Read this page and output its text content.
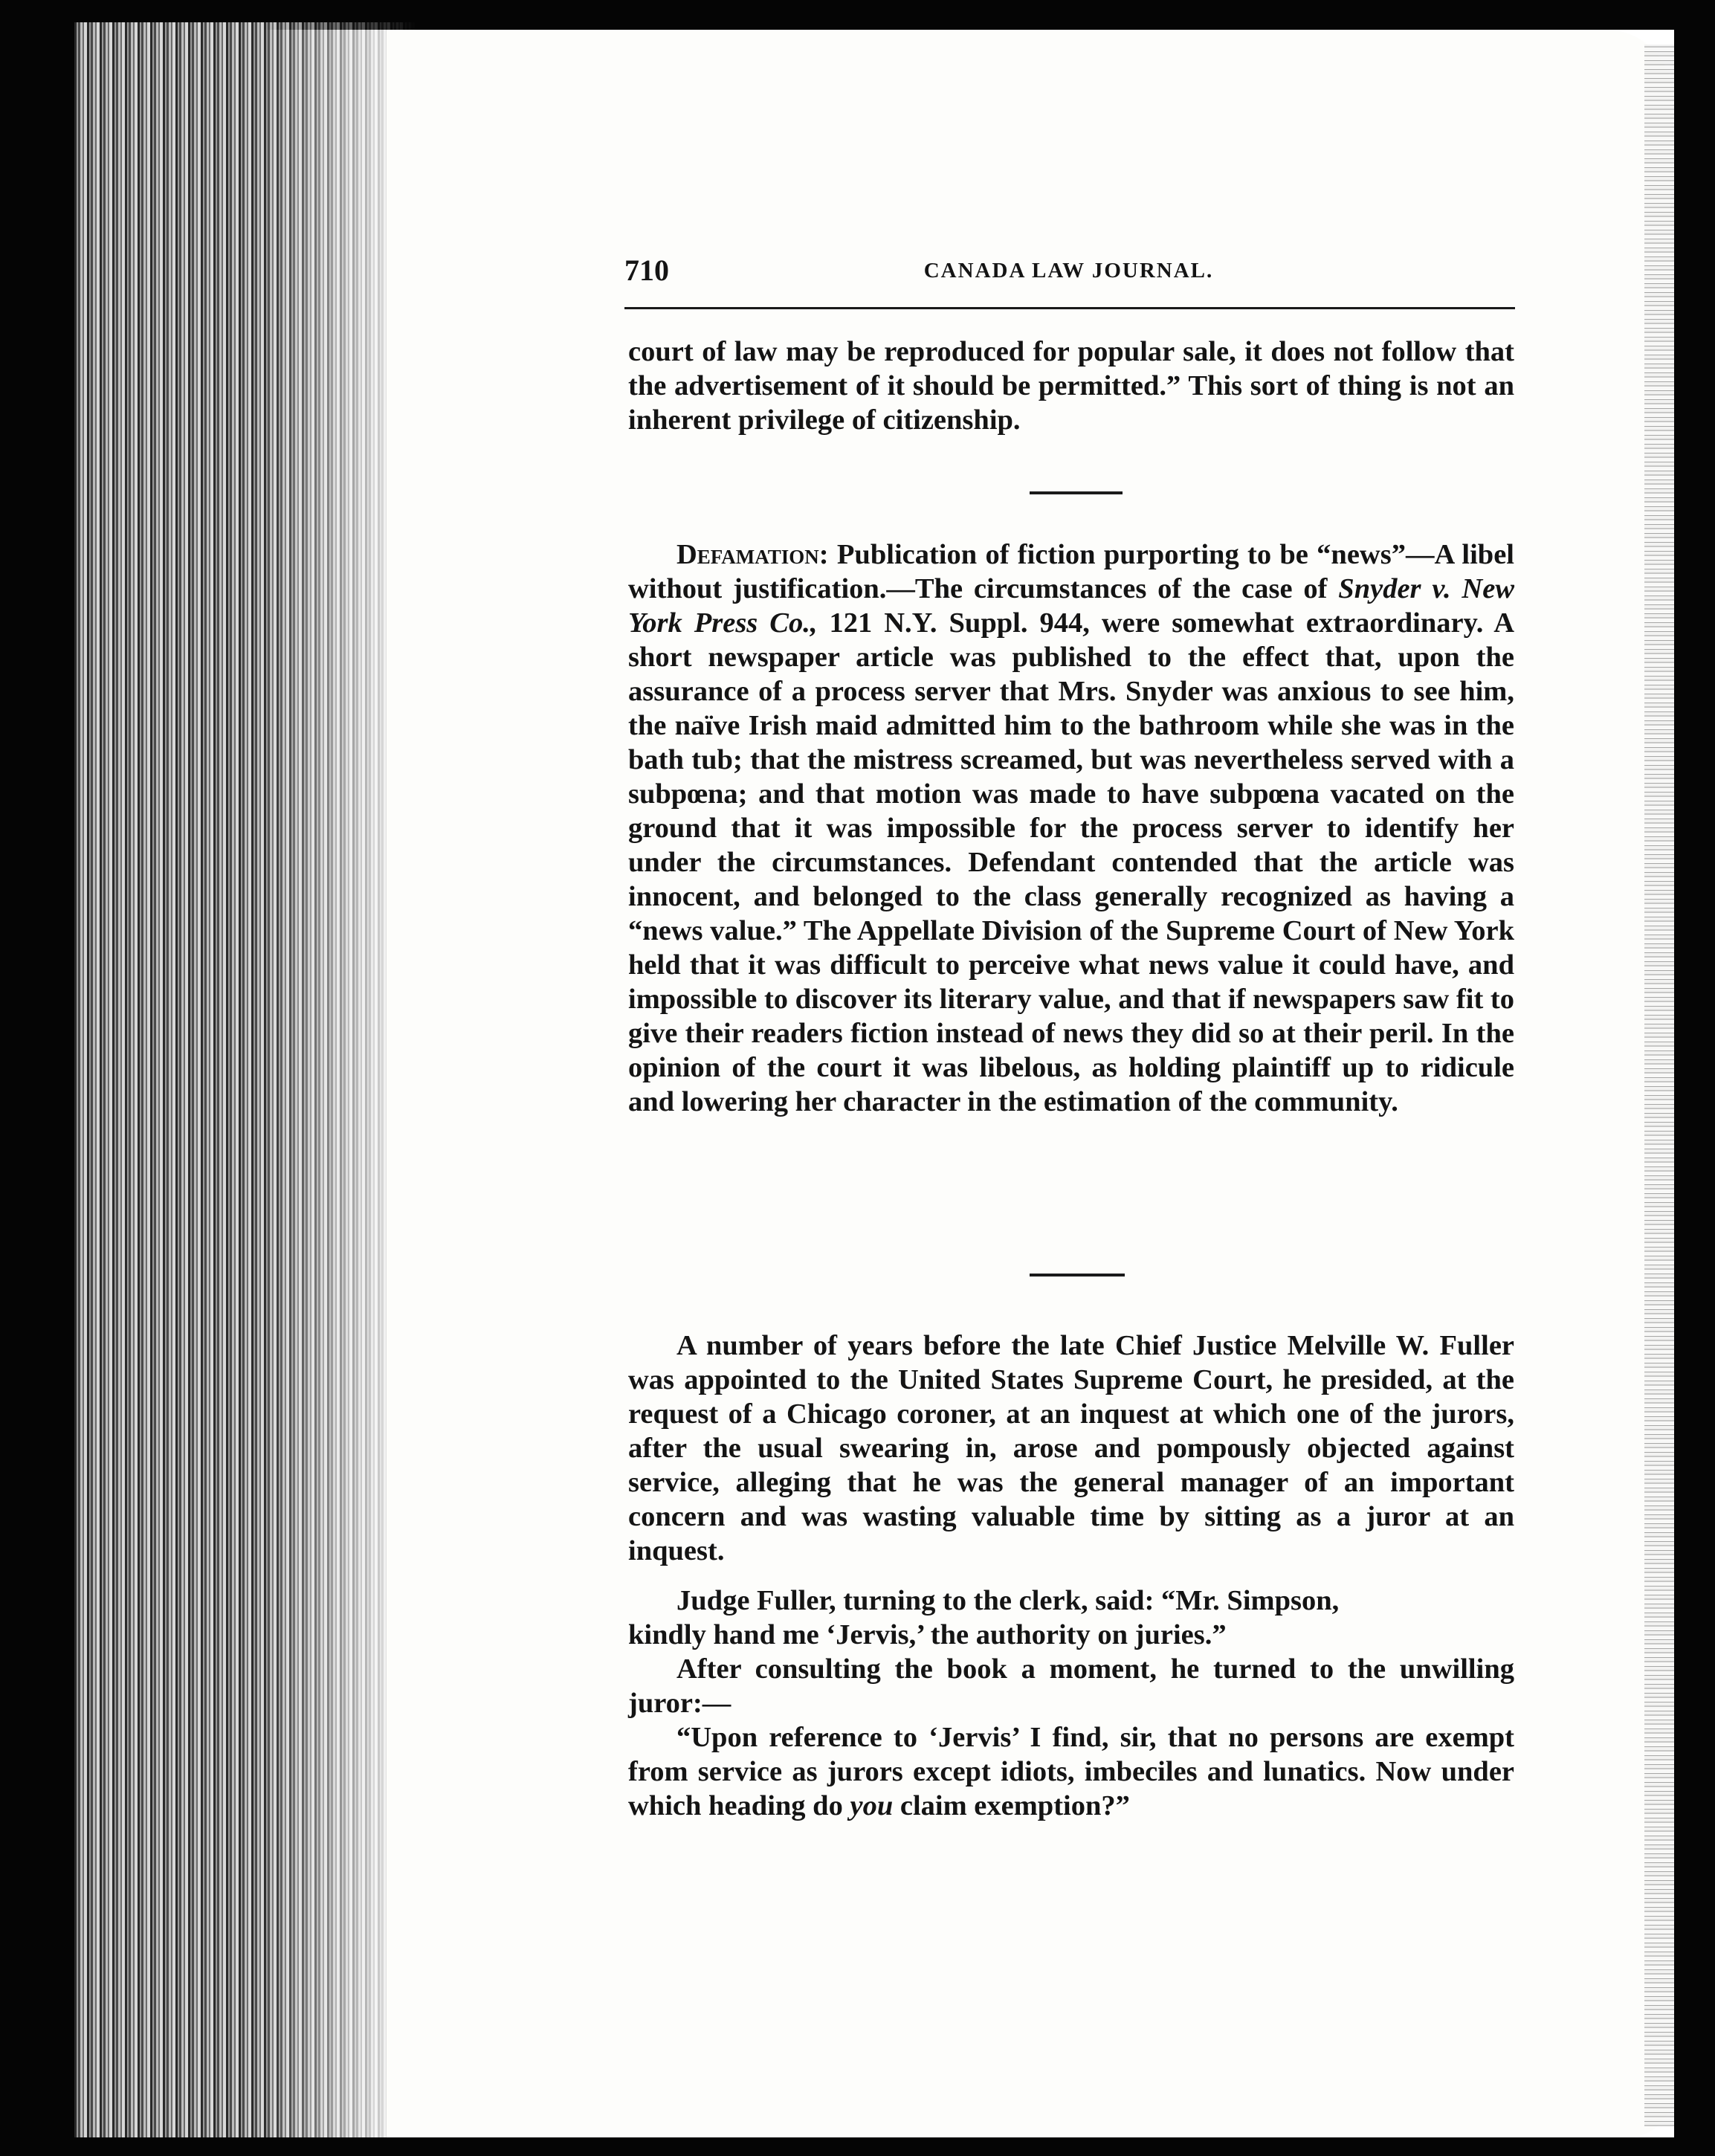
710	CANADA LAW JOURNAL.

court of law may be reproduced for popular sale, it does not follow that the advertisement of it should be permitted.” This sort of thing is not an inherent privilege of citizenship.

Defamation: Publication of fiction purporting to be “news”—A libel without justification.—The circumstances of the case of Snyder v. New York Press Co., 121 N.Y. Suppl. 944, were somewhat extraordinary. A short newspaper article was published to the effect that, upon the assurance of a process server that Mrs. Snyder was anxious to see him, the naïve Irish maid admitted him to the bathroom while she was in the bath tub; that the mistress screamed, but was nevertheless served with a subpœna; and that motion was made to have subpœna vacated on the ground that it was impossible for the process server to identify her under the circumstances. Defendant contended that the article was innocent, and belonged to the class generally recognized as having a “news value.” The Appellate Division of the Supreme Court of New York held that it was difficult to perceive what news value it could have, and impossible to discover its literary value, and that if newspapers saw fit to give their readers fiction instead of news they did so at their peril. In the opinion of the court it was libelous, as holding plaintiff up to ridicule and lowering her character in the estimation of the community.

A number of years before the late Chief Justice Melville W. Fuller was appointed to the United States Supreme Court, he presided, at the request of a Chicago coroner, at an inquest at which one of the jurors, after the usual swearing in, arose and pompously objected against service, alleging that he was the general manager of an important concern and was wasting valuable time by sitting as a juror at an inquest.

Judge Fuller, turning to the clerk, said: “Mr. Simpson,

kindly hand me ‘Jervis,’ the authority on juries.”

After consulting the book a moment, he turned to the unwilling juror:—

“Upon reference to ‘Jervis’ I find, sir, that no persons are exempt from service as jurors except idiots, imbeciles and lunatics. Now under which heading do you claim exemption?”
